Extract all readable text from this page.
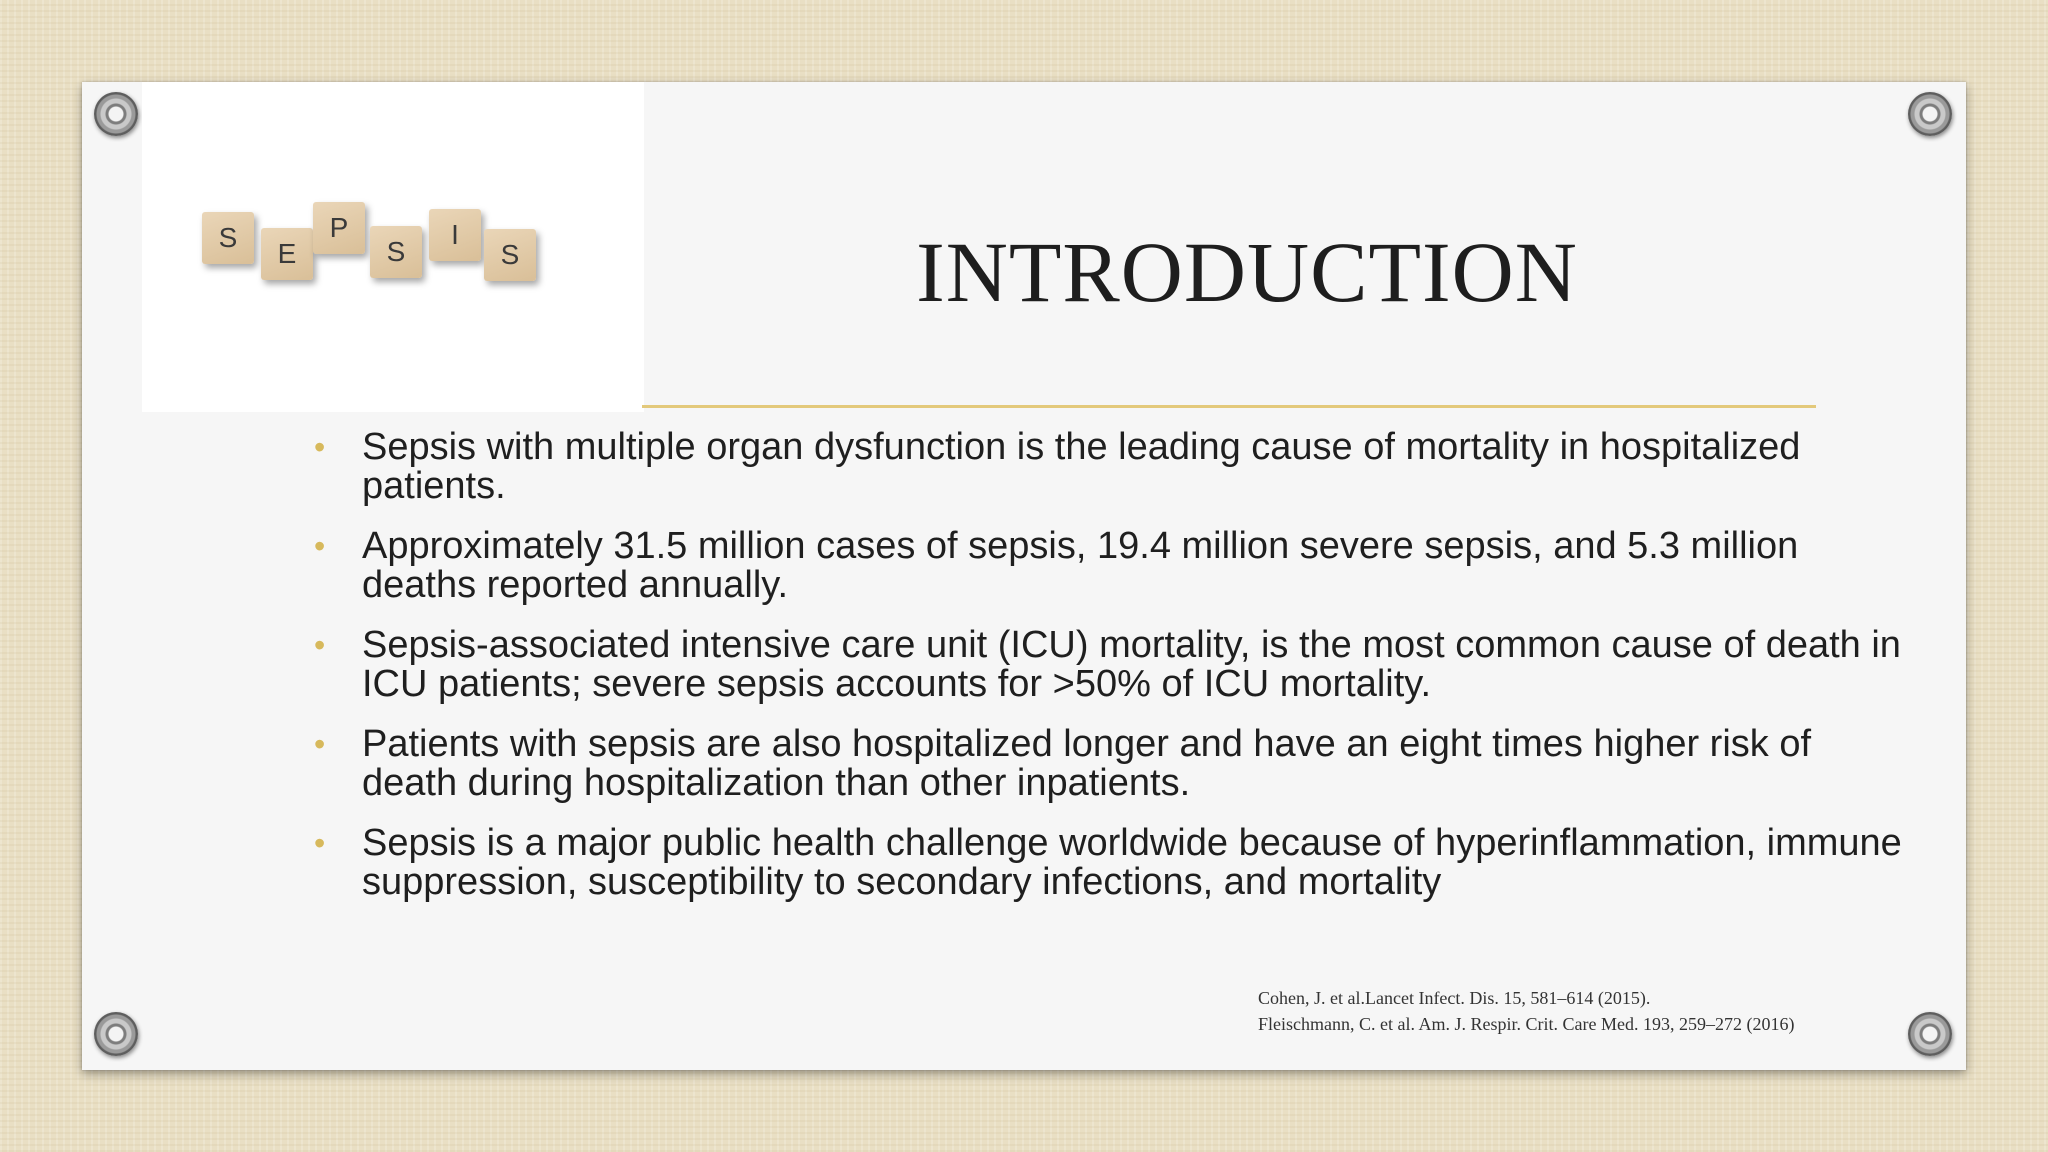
S
E
P
S
I
S	INTRODUCTION
• Sepsis with multiple organ dysfunction is the leading cause of mortality in hospitalized patients.
• Approximately 31.5 million cases of sepsis, 19.4 million severe sepsis, and 5.3 million deaths reported annually.
• Sepsis-associated intensive care unit (ICU) mortality, is the most common cause of death in ICU patients; severe sepsis accounts for >50% of ICU mortality.
• Patients with sepsis are also hospitalized longer and have an eight times higher risk of death during hospitalization than other inpatients.
• Sepsis is a major public health challenge worldwide because of hyperinflammation, immune suppression, susceptibility to secondary infections, and mortality
Cohen, J. et al.Lancet Infect. Dis. 15, 581–614 (2015).
Fleischmann, C. et al. Am. J. Respir. Crit. Care Med. 193, 259–272 (2016)
